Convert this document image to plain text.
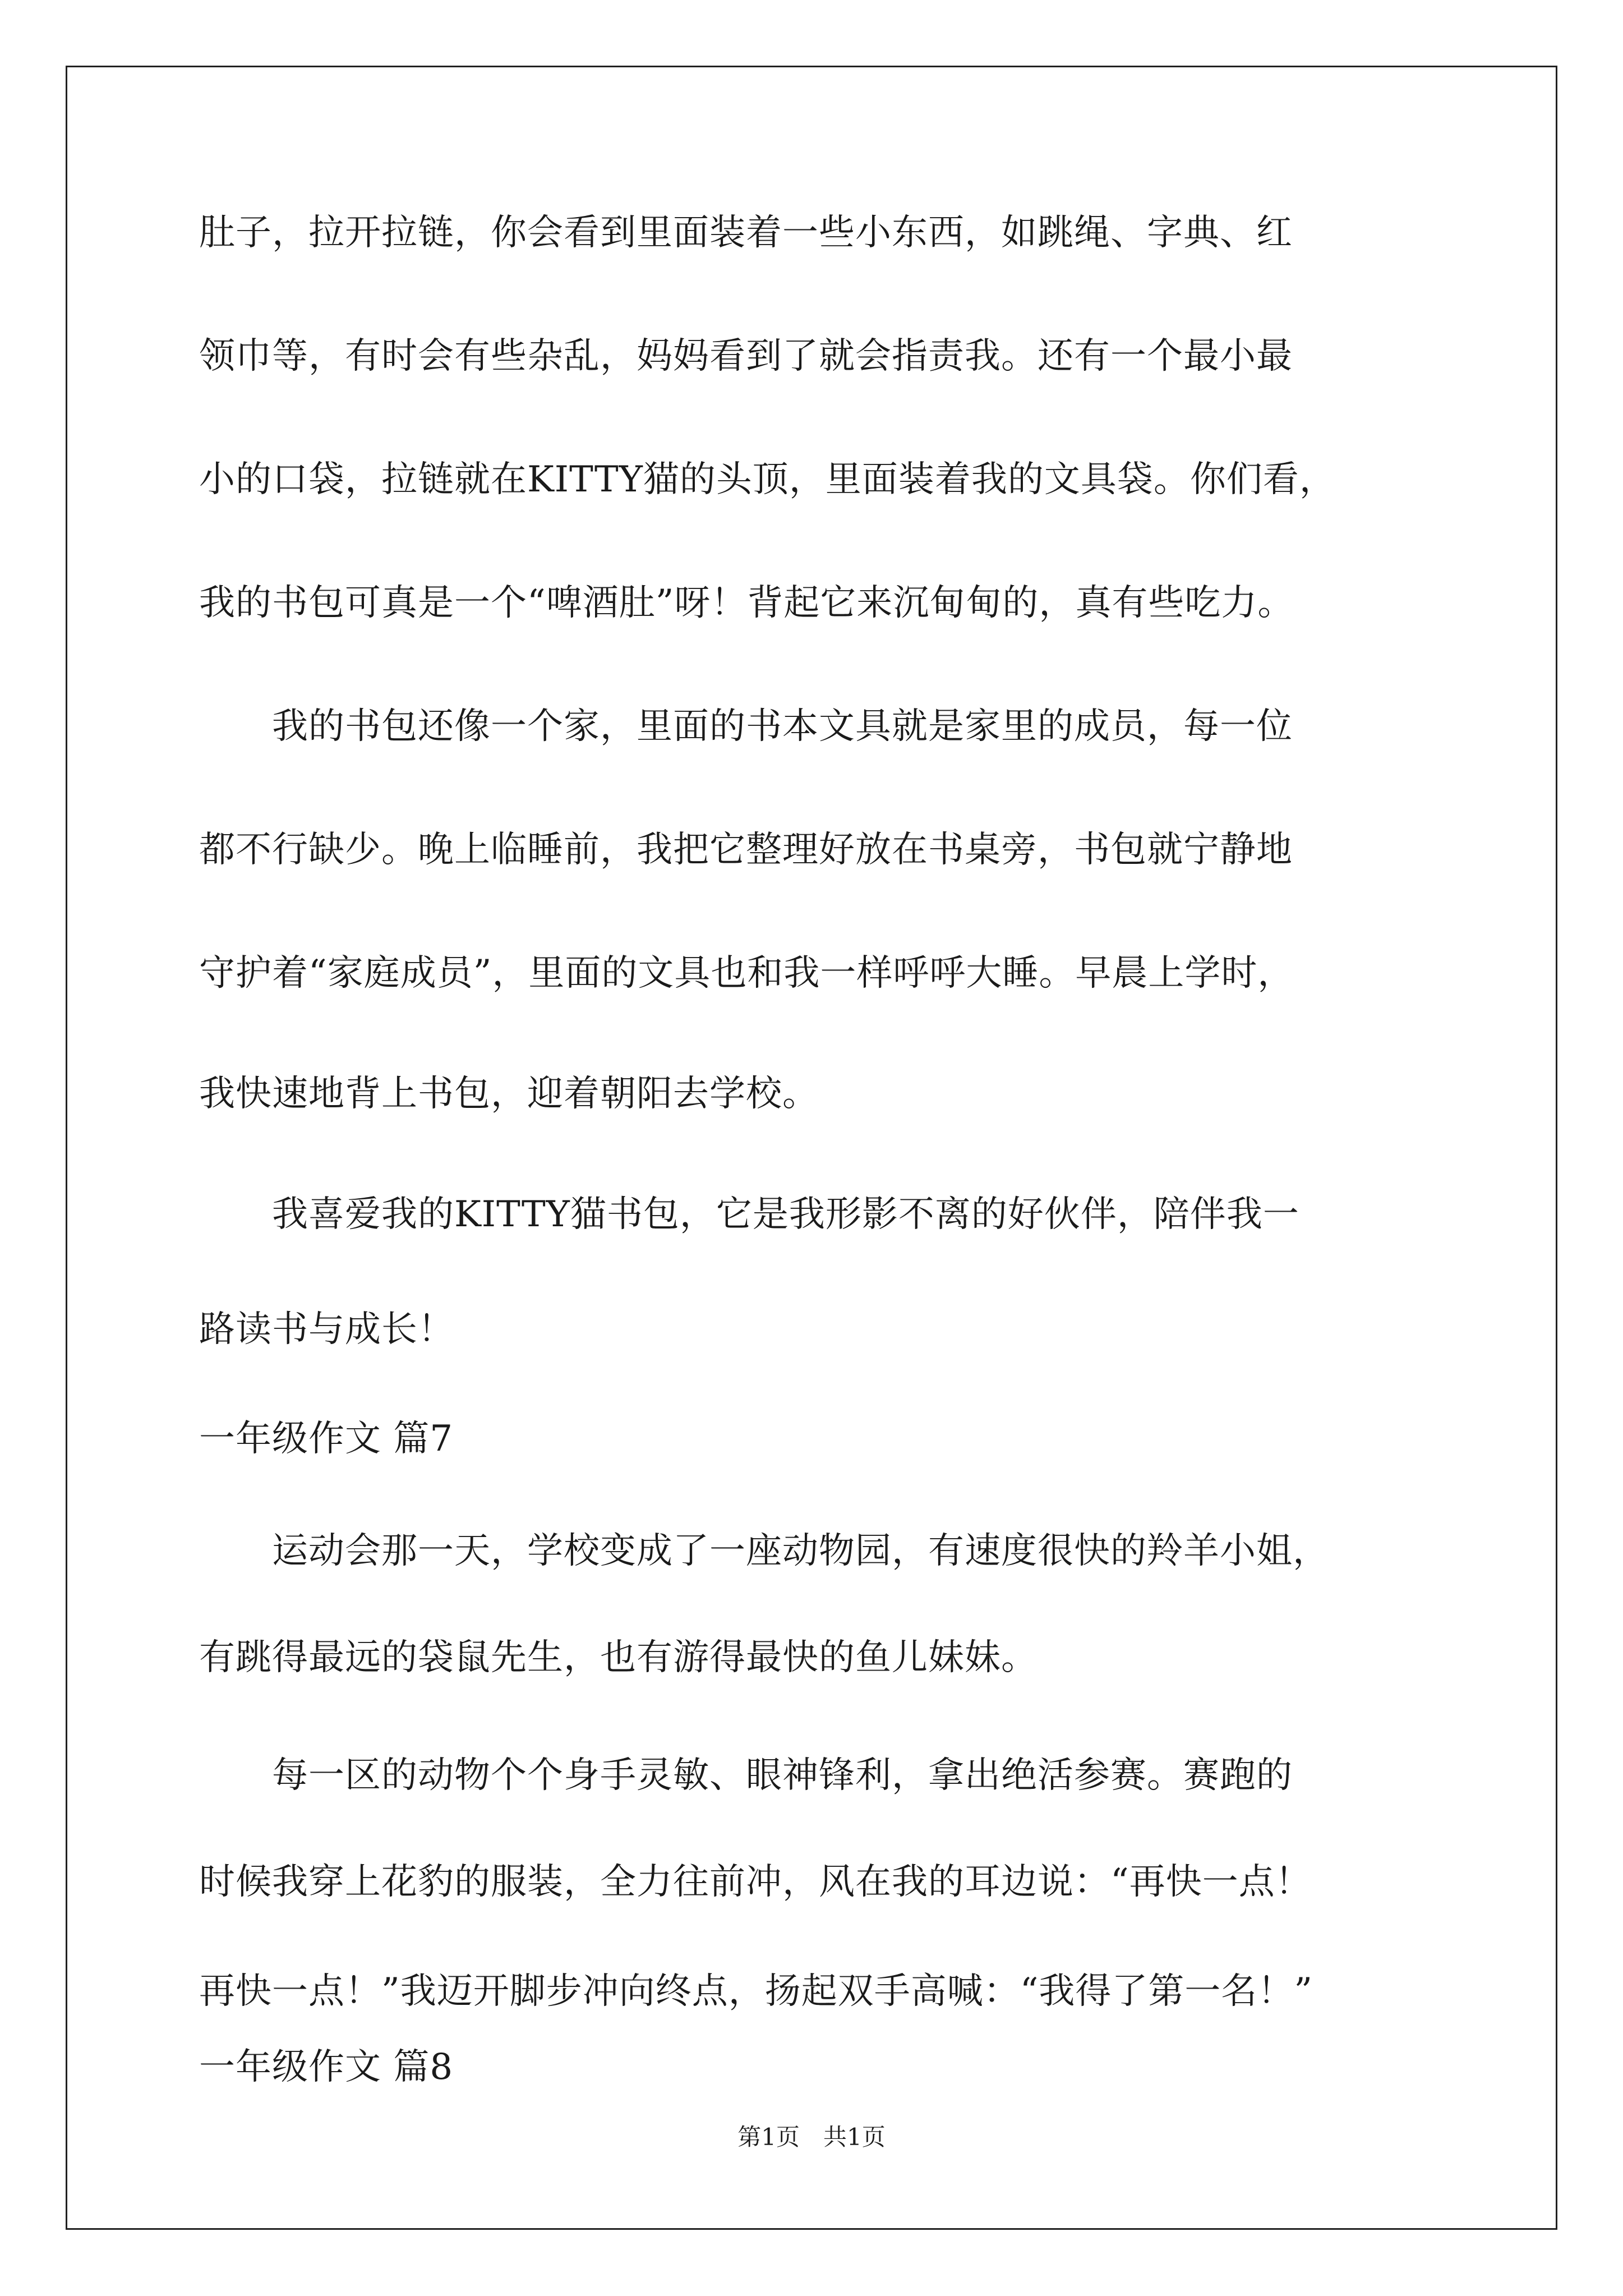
肚子，拉开拉链，你会看到里面装着一些小东西，如跳绳、字典、红
领巾等，有时会有些杂乱，妈妈看到了就会指责我。还有一个最小最
小的口袋，拉链就在KITTY猫的头顶，里面装着我的文具袋。你们看，
我的书包可真是一个“啤酒肚”呀！背起它来沉甸甸的，真有些吃力。
　　我的书包还像一个家，里面的书本文具就是家里的成员，每一位
都不行缺少。晚上临睡前，我把它整理好放在书桌旁，书包就宁静地
守护着“家庭成员”，里面的文具也和我一样呼呼大睡。早晨上学时，
我快速地背上书包，迎着朝阳去学校。
　　我喜爱我的KITTY猫书包，它是我形影不离的好伙伴，陪伴我一
路读书与成长！
一年级作文 篇7
　　运动会那一天，学校变成了一座动物园，有速度很快的羚羊小姐，
有跳得最远的袋鼠先生，也有游得最快的鱼儿妹妹。
　　每一区的动物个个身手灵敏、眼神锋利，拿出绝活参赛。赛跑的
时候我穿上花豹的服装，全力往前冲，风在我的耳边说：“再快一点！
再快一点！”我迈开脚步冲向终点，扬起双手高喊：“我得了第一名！”
一年级作文 篇8
第1页　共1页
